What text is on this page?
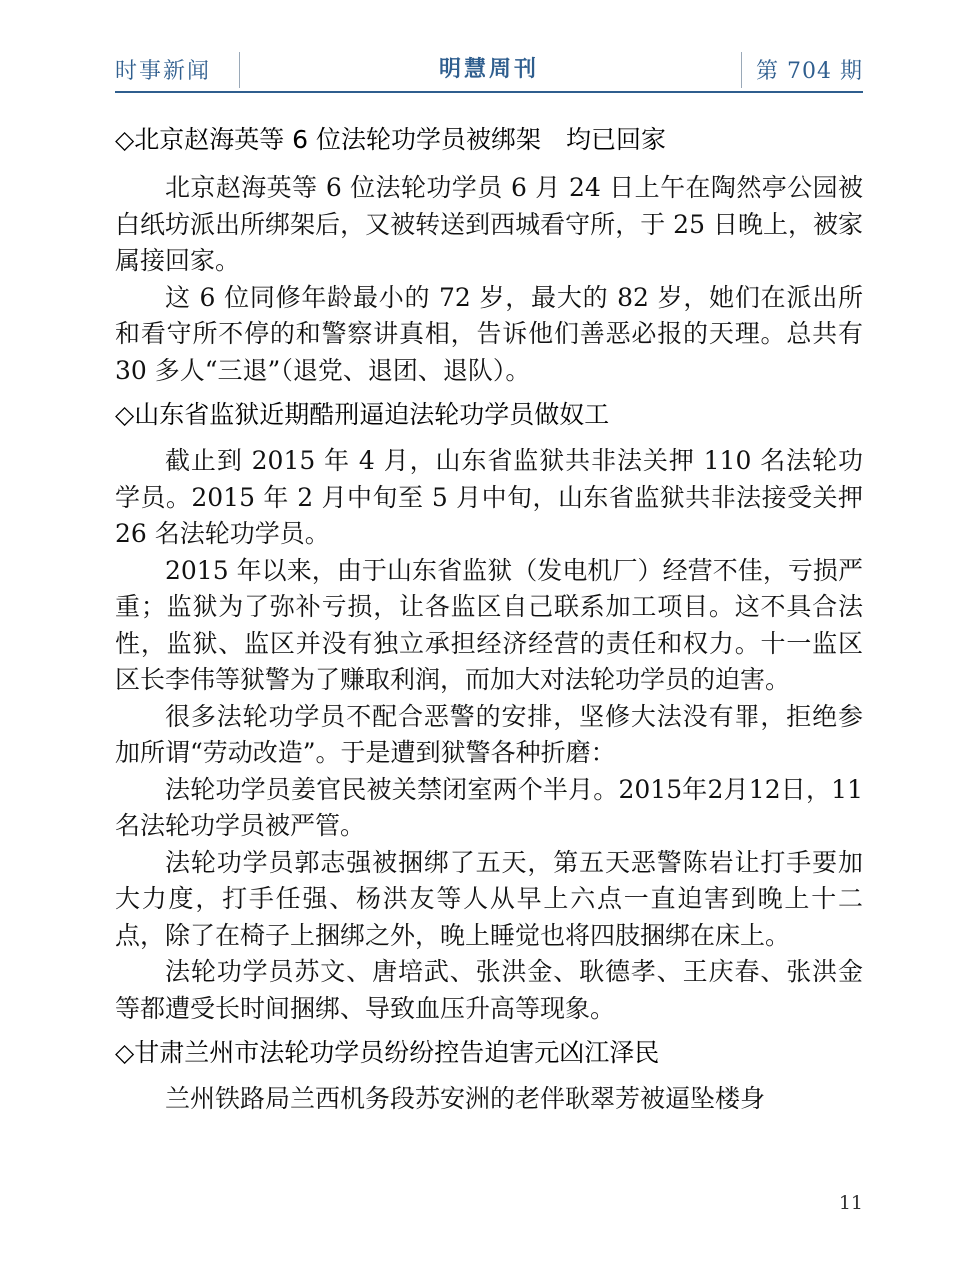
时事新闻	明慧周刊	第 704 期
◇北京赵海英等 6 位法轮功学员被绑架　均已回家

北京赵海英等 6 位法轮功学员 6 月 24 日上午在陶然亭公园被白纸坊派出所绑架后，又被转送到西城看守所，于 25 日晚上，被家属接回家。

这 6 位同修年龄最小的 72 岁，最大的 82 岁，她们在派出所和看守所不停的和警察讲真相，告诉他们善恶必报的天理。总共有 30 多人“三退”（退党、退团、退队）。

◇山东省监狱近期酷刑逼迫法轮功学员做奴工

截止到 2015 年 4 月，山东省监狱共非法关押 110 名法轮功学员。2015 年 2 月中旬至 5 月中旬，山东省监狱共非法接受关押 26 名法轮功学员。

2015 年以来，由于山东省监狱（发电机厂）经营不佳，亏损严重；监狱为了弥补亏损，让各监区自己联系加工项目。这不具合法性，监狱、监区并没有独立承担经济经营的责任和权力。十一监区区长李伟等狱警为了赚取利润，而加大对法轮功学员的迫害。

很多法轮功学员不配合恶警的安排，坚修大法没有罪，拒绝参加所谓“劳动改造”。于是遭到狱警各种折磨：

法轮功学员姜官民被关禁闭室两个半月。2015年2月12日，11 名法轮功学员被严管。

法轮功学员郭志强被捆绑了五天，第五天恶警陈岩让打手要加大力度，打手任强、杨洪友等人从早上六点一直迫害到晚上十二点，除了在椅子上捆绑之外，晚上睡觉也将四肢捆绑在床上。

法轮功学员苏文、唐培武、张洪金、耿德孝、王庆春、张洪金等都遭受长时间捆绑、导致血压升高等现象。

◇甘肃兰州市法轮功学员纷纷控告迫害元凶江泽民

兰州铁路局兰西机务段苏安洲的老伴耿翠芳被逼坠楼身

11
